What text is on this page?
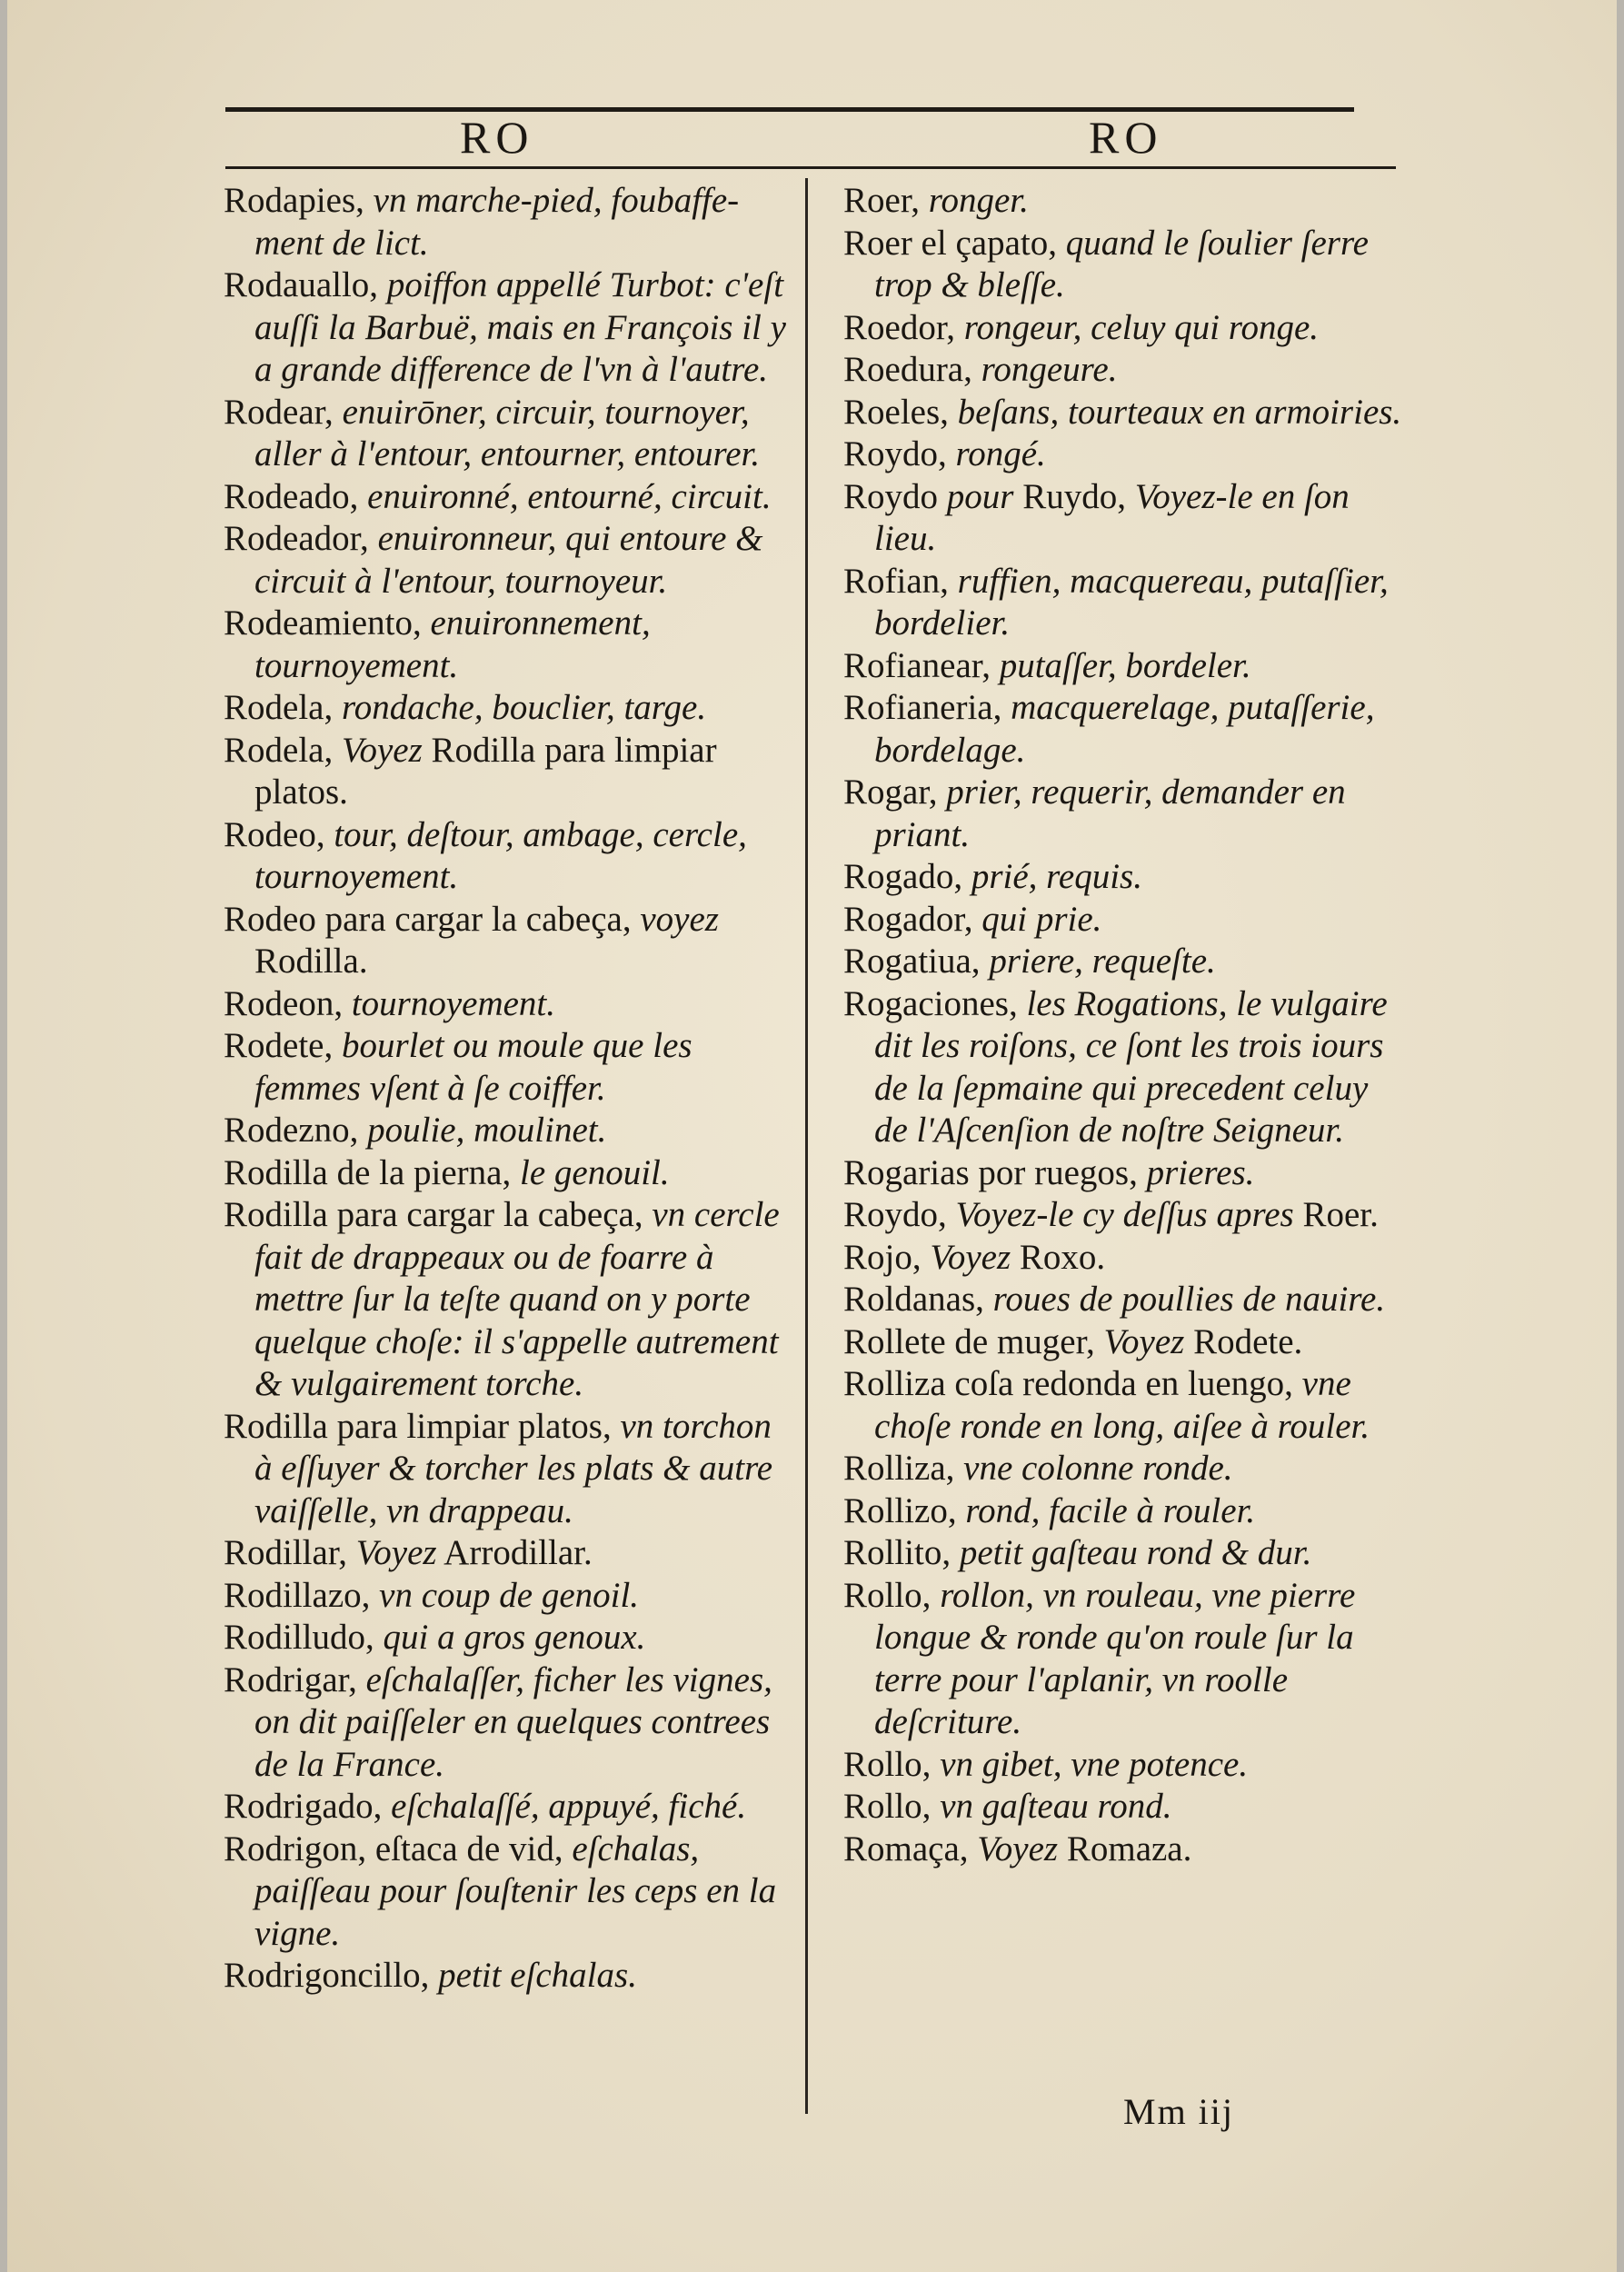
RO	RO

Rodapies, vn marche-pied, foubaffe-ment de lict.

Rodauallo, poiffon appellé Turbot: c'eſt auſſi la Barbuë, mais en François il y a grande difference de l'vn à l'autre.

Rodear, enuirōner, circuir, tournoyer, aller à l'entour, entourner, entourer.

Rodeado, enuironné, entourné, circuit.

Rodeador, enuironneur, qui entoure & circuit à l'entour, tournoyeur.

Rodeamiento, enuironnement, tournoyement.

Rodela, rondache, bouclier, targe.

Rodela, Voyez Rodilla para limpiar platos.

Rodeo, tour, deſtour, ambage, cercle, tournoyement.

Rodeo para cargar la cabeça, voyez Rodilla.

Rodeon, tournoyement.

Rodete, bourlet ou moule que les femmes vſent à ſe coiffer.

Rodezno, poulie, moulinet.

Rodilla de la pierna, le genouil.

Rodilla para cargar la cabeça, vn cercle fait de drappeaux ou de foarre à mettre ſur la teſte quand on y porte quelque choſe: il s'appelle autrement & vulgairement torche.

Rodilla para limpiar platos, vn torchon à eſſuyer & torcher les plats & autre vaiſſelle, vn drappeau.

Rodillar, Voyez Arrodillar.

Rodillazo, vn coup de genoil.

Rodilludo, qui a gros genoux.

Rodrigar, eſchalaſſer, ficher les vignes, on dit paiſſeler en quelques contrees de la France.

Rodrigado, eſchalaſſé, appuyé, fiché.

Rodrigon, eſtaca de vid, eſchalas, paiſſeau pour ſouſtenir les ceps en la vigne.

Rodrigoncillo, petit eſchalas.

Roer, ronger.

Roer el çapato, quand le ſoulier ſerre trop & bleſſe.

Roedor, rongeur, celuy qui ronge.

Roedura, rongeure.

Roeles, beſans, tourteaux en armoiries.

Roydo, rongé.

Roydo pour Ruydo, Voyez-le en ſon lieu.

Rofian, ruffien, macquereau, putaſſier, bordelier.

Rofianear, putaſſer, bordeler.

Rofianeria, macquerelage, putaſſerie, bordelage.

Rogar, prier, requerir, demander en priant.

Rogado, prié, requis.

Rogador, qui prie.

Rogatiua, priere, requeſte.

Rogaciones, les Rogations, le vulgaire dit les roiſons, ce ſont les trois iours de la ſepmaine qui precedent celuy de l'Aſcenſion de noſtre Seigneur.

Rogarias por ruegos, prieres.

Roydo, Voyez-le cy deſſus apres Roer.

Rojo, Voyez Roxo.

Roldanas, roues de poullies de nauire.

Rollete de muger, Voyez Rodete.

Rolliza coſa redonda en luengo, vne choſe ronde en long, aiſee à rouler.

Rolliza, vne colonne ronde.

Rollizo, rond, facile à rouler.

Rollito, petit gaſteau rond & dur.

Rollo, rollon, vn rouleau, vne pierre longue & ronde qu'on roule ſur la terre pour l'aplanir, vn roolle deſcriture.

Rollo, vn gibet, vne potence.

Rollo, vn gaſteau rond.

Romaça, Voyez Romaza.

Mm iij
